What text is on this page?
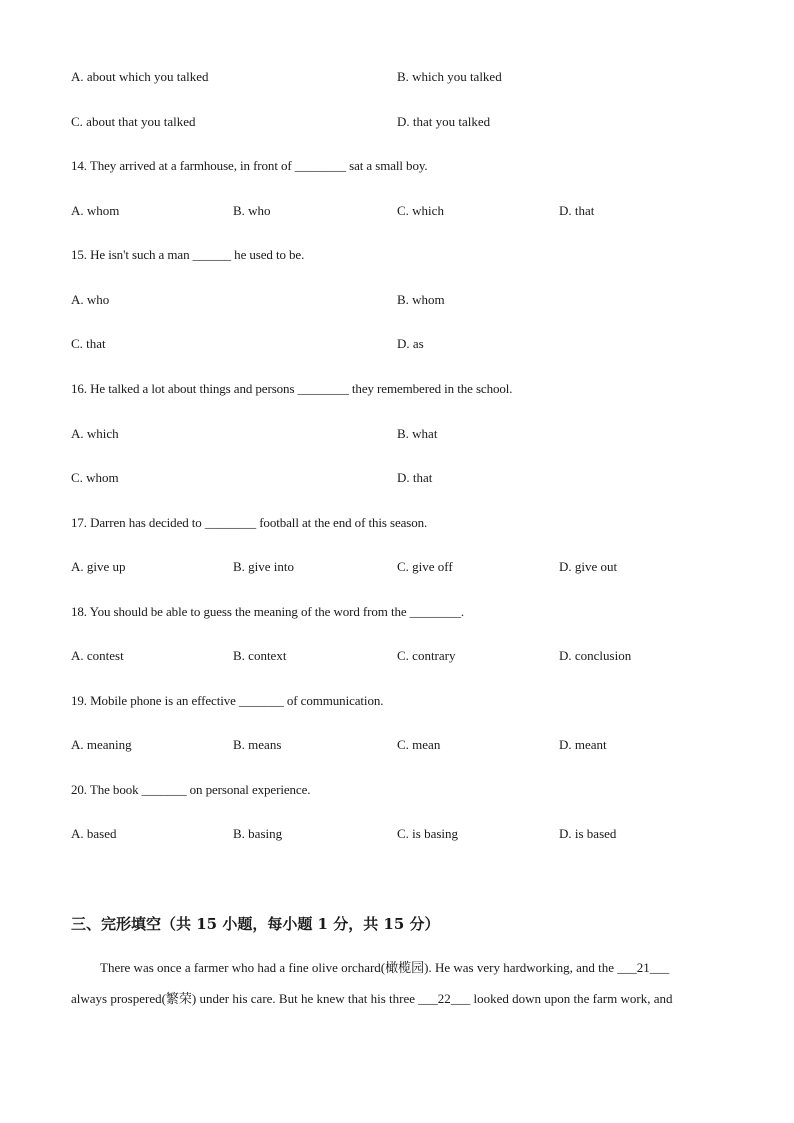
A. about which you talked	B. which you talked
C. about that you talked	D. that you talked
14. They arrived at a farmhouse, in front of ________ sat a small boy.
A. whom	B. who	C. which	D. that
15. He isn't such a man ______ he used to be.
A. who	B. whom
C. that	D. as
16. He talked a lot about things and persons ________ they remembered in the school.
A. which	B. what
C. whom	D. that
17. Darren has decided to ________ football at the end of this season.
A. give up	B. give into	C. give off	D. give out
18. You should be able to guess the meaning of the word from the ________.
A. contest	B. context	C. contrary	D. conclusion
19. Mobile phone is an effective _______ of communication.
A. meaning	B. means	C. mean	D. meant
20. The book _______ on personal experience.
A. based	B. basing	C. is basing	D. is based
三、完形填空（共 15 小题，每小题 1 分，共 15 分）
There was once a farmer who had a fine olive orchard(橄榄园). He was very hardworking, and the ___21___
always prospered(繁荣) under his care. But he knew that his three ___22___ looked down upon the farm work, and
